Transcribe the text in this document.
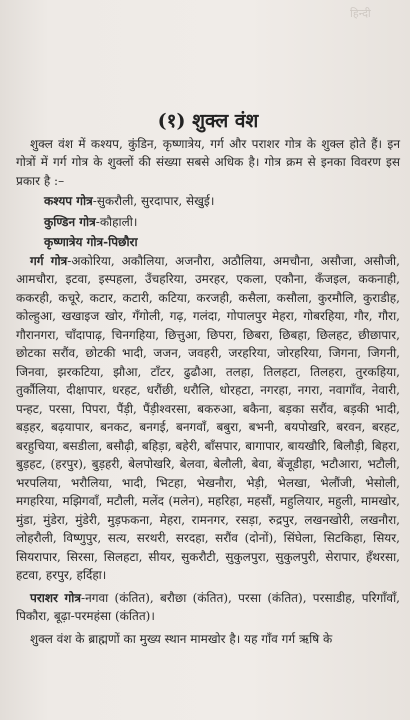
हिन्दी
(१) शुक्ल वंश

शुक्ल वंश में कश्यप, कुंडिन, कृष्णात्रेय, गर्ग और पराशर गोत्र के शुक्ल होते हैं। इन गोत्रों में गर्ग गोत्र के शुक्लों की संख्या सबसे अधिक है। गोत्र क्रम से इनका विवरण इस प्रकार है :–

कश्यप गोत्र-सुकरौली, सुरदापार, सेखुई।
कुण्डिन गोत्र-कौहाली।
कृष्णात्रेय गोत्र-पिछौरा

गर्ग गोत्र-अकोरिया, अकौलिया, अजनौरा, अठौलिया, अमचौना, असौजा, असौजी, आमचौरा, इटवा, इस्पहला, उँचहरिया, उमरहर, एकला, एकौना, कँजइल, ककनाही, ककरही, कचूरे, कटार, कटारी, कटिया, करजही, कसैला, कसौला, कुरमौलि, कुराडीह, कोल्हुआ, खखाइज खोर, गँगोली, गढ़, गलंदा, गोपालपुर मेहरा, गोबरहिया, गौर, गौरा, गौरानगरा, चाँदापाढ़, चिनगहिया, छित्तुआ, छिपरा, छिबरा, छिबहा, छिलहट, छीछापार, छोटका सरौंव, छोटकी भादी, जजन, जवहरी, जरहरिया, जोरहरिया, जिगना, जिगनी, जिनवा, झरकटिया, झौआ, टाँटर, ढुढौआ, तलहा, तिलहटा, तिलहरा, तुरकहिया, तुर्कौलिया, दीक्षापार, धरहट, धरौंछी, धरौलि, धोरहटा, नगरहा, नगरा, नवागाँव, नेवारी, पन्हट, परसा, पिपरा, पैंड़ी, पैंड़ीश्वरसा, बकरुआ, बकैना, बड़का सरौंव, बड़की भादी, बड़हर, बढ़यापार, बनकट, बनगई, बनगवाँ, बबुरा, बभनी, बयपोखरि, बरवन, बरहट, बरहुचिया, बसडीला, बसौढ़ी, बहिड़ा, बहेरी, बाँसपार, बागापार, बायखौरि, बिलौड़ी, बिहरा, बुड़हट, (हरपुर), बुड़हरी, बेलपोखरि, बेलवा, बेलौली, बेवा, बेंजूडीहा, भटौआरा, भटौली, भरपलिया, भरौलिया, भादी, भिटहा, भेखनौरा, भेड़ी, भेलखा, भेलौंजी, भेसोली, मगहरिया, मझिगवाँ, मटौली, मलेंद (मलेन), महरिहा, महसौं, महुलियार, महुली, मामखोर, मुंडा, मुंडेरा, मुंडेरी, मुड़फकना, मेहरा, रामनगर, रसड़ा, रुद्रपुर, लखनखोरी, लखनौरा, लोहरौली, विष्णुपुर, सत्य, सरथरी, सरदहा, सरौंव (दोनों), सिंघेला, सिटकिहा, सियर, सियरापार, सिरसा, सिलहटा, सीयर, सुकरौटी, सुकुलपुरा, सुकुलपुरी, सेरापार, हँथरसा, हटवा, हरपुर, हर्दिहा।

पराशर गोत्र-नगवा (कंतित), बरौछा (कंतित), परसा (कंतित), परसाडीह, परिगाँवाँ, पिकौरा, बूढ़ा-परमहंसा (कंतित)।

शुक्ल वंश के ब्राह्मणों का मुख्य स्थान मामखोर है। यह गाँव गर्ग ऋषि के
